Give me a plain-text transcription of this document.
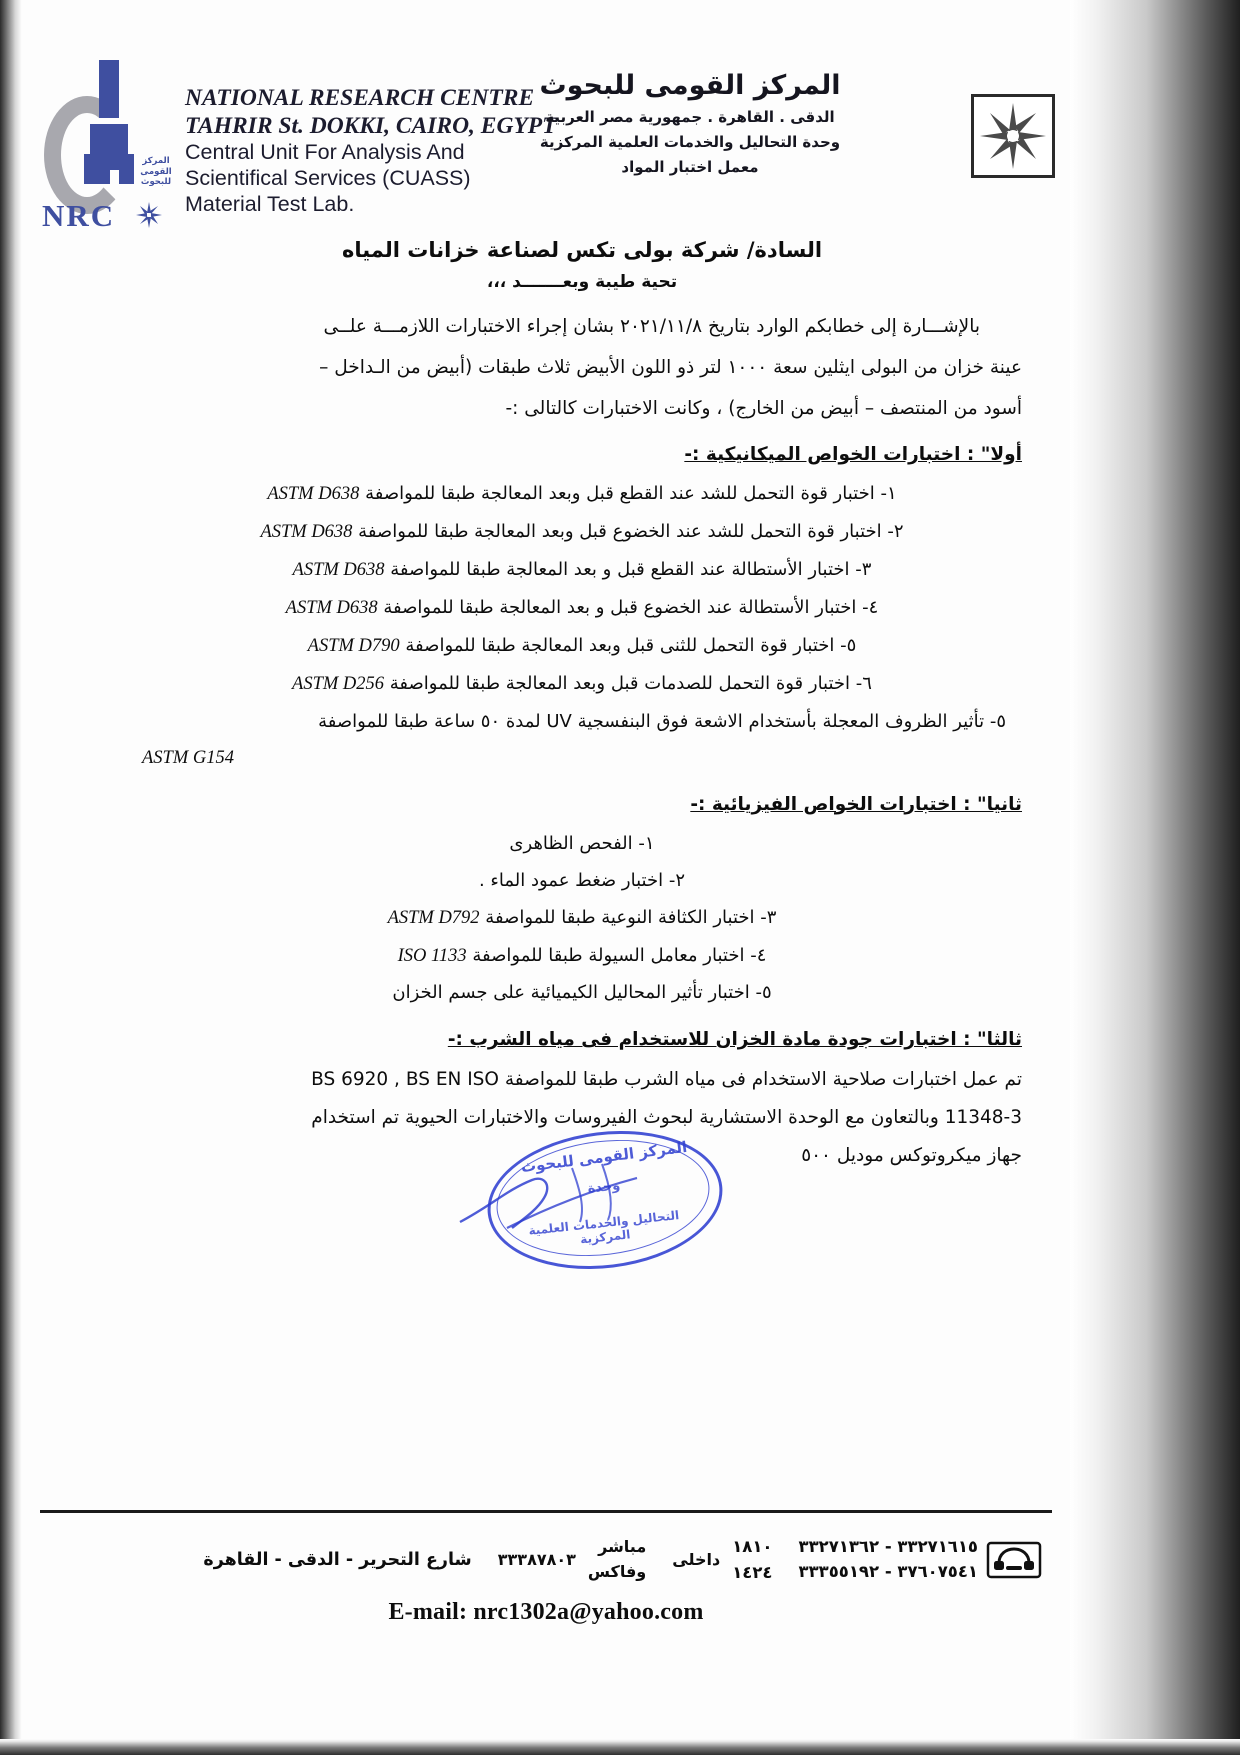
المركز القومى للبحوث
NRC
NATIONAL RESEARCH CENTRE
TAHRIR St. DOKKI, CAIRO, EGYPT
Central Unit For Analysis And
Scientifical Services (CUASS)
Material Test Lab.
المركز القومى للبحوث
الدقى . القاهرة . جمهورية مصر العربية
وحدة التحاليل والخدمات العلمية المركزية
معمل اختبار المواد
السادة/ شركة بولى تكس لصناعة خزانات المياه
تحية طيبة وبعـــــــد ،،،

بالإشـــارة إلى خطابكم الوارد بتاريخ ٢٠٢١/١١/٨ بشان إجراء الاختبارات اللازمـــة علــى

عينة خزان من البولى ايثلين سعة ١٠٠٠ لتر ذو اللون الأبيض ثلاث طبقات (أبيض من الـداخل –

أسود من المنتصف – أبيض من الخارج) ، وكانت الاختبارات كالتالى :-

أولا" : اختبارات الخواص الميكانيكية :-

١- اختبار قوة التحمل للشد عند القطع قبل وبعد المعالجة طبقا للمواصفة ASTM D638

٢- اختبار قوة التحمل للشد عند الخضوع قبل وبعد المعالجة طبقا للمواصفة ASTM D638

٣- اختبار الأستطالة عند القطع قبل و بعد المعالجة طبقا للمواصفة ASTM D638

٤- اختبار الأستطالة عند الخضوع قبل و بعد المعالجة طبقا للمواصفة ASTM D638

٥- اختبار قوة التحمل للثنى قبل وبعد المعالجة طبقا للمواصفة ASTM D790

٦- اختبار قوة التحمل للصدمات قبل وبعد المعالجة طبقا للمواصفة ASTM D256

٥- تأثير الظروف المعجلة بأستخدام الاشعة فوق البنفسجية UV لمدة ٥٠ ساعة طبقا للمواصفة

ASTM G154

ثانيا" : اختبارات الخواص الفيزيائية :-

١- الفحص الظاهرى

٢- اختبار ضغط عمود الماء .

٣- اختبار الكثافة النوعية طبقا للمواصفة ASTM D792

٤- اختبار معامل السيولة طبقا للمواصفة ISO 1133

٥- اختبار تأثير المحاليل الكيميائية على جسم الخزان

ثالثا" : اختبارات جودة مادة الخزان للاستخدام فى مياه الشرب :-

تم عمل اختبارات صلاحية الاستخدام فى مياه الشرب طبقا للمواصفة BS 6920 , BS EN ISO

11348-3 وبالتعاون مع الوحدة الاستشارية لبحوث الفيروسات والاختبارات الحيوية تم استخدام

جهاز ميكروتوكس موديل ٥٠٠

المركز القومى للبحوث
وحدة
التحاليل والخدمات العلمية المركزية
٣٣٢٧١٦١٥ - ٣٣٢٧١٣٦٢
٣٧٦٠٧٥٤١ - ٣٣٣٥٥١٩٢
١٨١٠
١٤٢٤
داخلى
مباشر
وفاكس
٣٣٣٨٧٨٠٣
شارع التحرير - الدقى - القاهرة
E-mail: nrc1302a@yahoo.com
